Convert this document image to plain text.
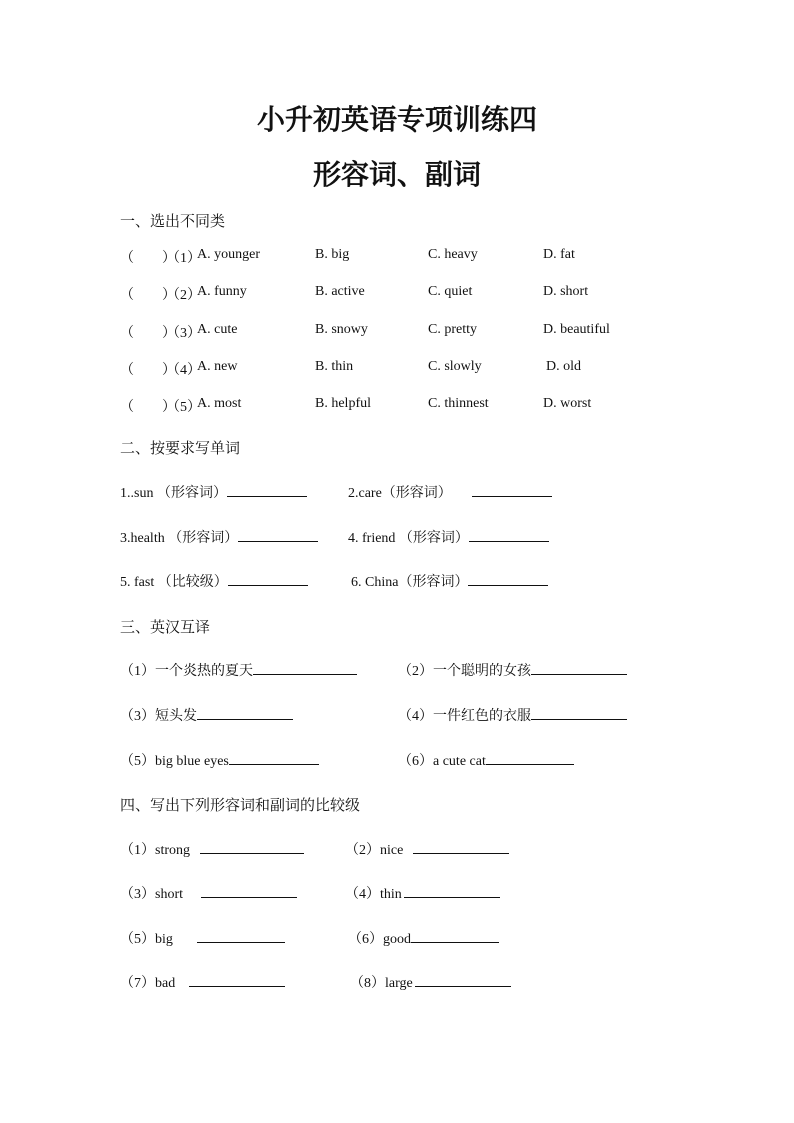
小升初英语专项训练四
形容词、副词
一、选出不同类
（　　）
（1）
A. younger	B. big	C. heavy	D. fat
（　　）
（2）
A. funny	B. active	C. quiet	D. short
（　　）
（3）
A. cute	B. snowy	C. pretty	D. beautiful
（　　）
（4）
A. new	B. thin	C. slowly	D. old
（　　）
（5）
A. most	B. helpful	C. thinnest	D. worst
二、按要求写单词
1..sun （形容词）	2.care（形容词）
3.health （形容词）	4. friend （形容词）
5. fast （比较级）	6. China（形容词）
三、英汉互译
（1）一个炎热的夏天	（2）一个聪明的女孩
（3）短头发	（4）一件红色的衣服
（5）big blue eyes	（6）a cute cat
四、写出下列形容词和副词的比较级
（1）strong	（2）nice
（3）short	（4）thin
（5）big	（6）good
（7）bad	（8）large
